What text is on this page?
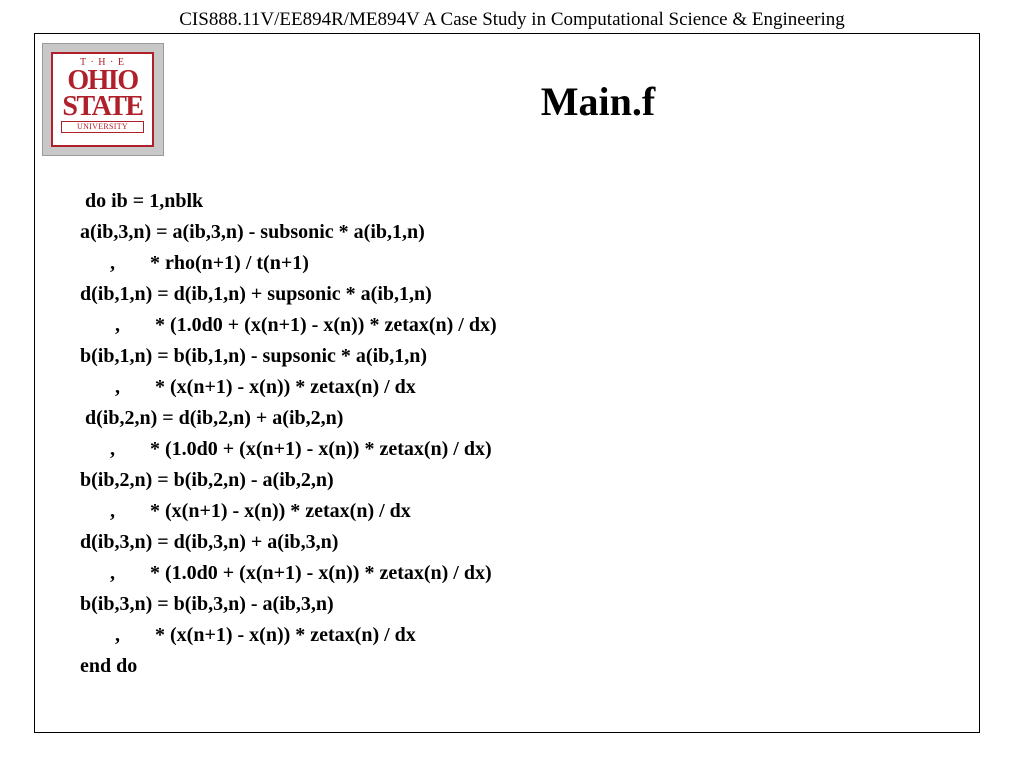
CIS888.11V/EE894R/ME894V A Case Study in Computational Science & Engineering
T · H · E
OHIO
STATE
UNIVERSITY
Main.f
do ib = 1,nblk
a(ib,3,n) = a(ib,3,n) - subsonic * a(ib,1,n)
,       * rho(n+1) / t(n+1)
d(ib,1,n) = d(ib,1,n) + supsonic * a(ib,1,n)
,       * (1.0d0 + (x(n+1) - x(n)) * zetax(n) / dx)
b(ib,1,n) = b(ib,1,n) - supsonic * a(ib,1,n)
,       * (x(n+1) - x(n)) * zetax(n) / dx
d(ib,2,n) = d(ib,2,n) + a(ib,2,n)
,       * (1.0d0 + (x(n+1) - x(n)) * zetax(n) / dx)
b(ib,2,n) = b(ib,2,n) - a(ib,2,n)
,       * (x(n+1) - x(n)) * zetax(n) / dx
d(ib,3,n) = d(ib,3,n) + a(ib,3,n)
,       * (1.0d0 + (x(n+1) - x(n)) * zetax(n) / dx)
b(ib,3,n) = b(ib,3,n) - a(ib,3,n)
,       * (x(n+1) - x(n)) * zetax(n) / dx
end do
